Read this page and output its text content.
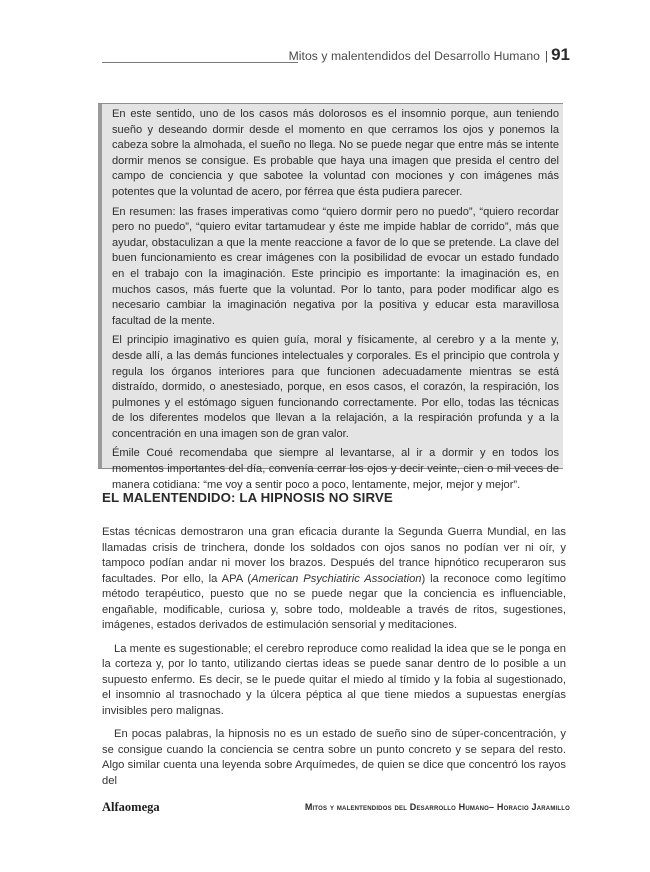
Mitos y malentendidos del Desarrollo Humano | 91

En este sentido, uno de los casos más dolorosos es el insomnio porque, aun teniendo sueño y deseando dormir desde el momento en que cerramos los ojos y ponemos la cabeza sobre la almohada, el sueño no llega. No se puede negar que entre más se intente dormir menos se consigue. Es probable que haya una imagen que presida el centro del campo de conciencia y que sabotee la voluntad con mociones y con imágenes más potentes que la voluntad de acero, por férrea que ésta pudiera parecer.

En resumen: las frases imperativas como “quiero dormir pero no puedo”, “quiero recordar pero no puedo”, “quiero evitar tartamudear y éste me impide hablar de corrido”, más que ayudar, obstaculizan a que la mente reaccione a favor de lo que se pretende. La clave del buen funcionamiento es crear imágenes con la posibilidad de evocar un estado fundado en el trabajo con la imaginación. Este principio es importante: la imaginación es, en muchos casos, más fuerte que la voluntad. Por lo tanto, para poder modificar algo es necesario cambiar la imaginación negativa por la positiva y educar esta maravillosa facultad de la mente.

El principio imaginativo es quien guía, moral y físicamente, al cerebro y a la mente y, desde allí, a las demás funciones intelectuales y corporales. Es el principio que controla y regula los órganos interiores para que funcionen adecuadamente mientras se está distraído, dormido, o anestesiado, porque, en esos casos, el corazón, la respiración, los pulmones y el estómago siguen funcionando correctamente. Por ello, todas las técnicas de los diferentes modelos que llevan a la relajación, a la respiración profunda y a la concentración en una imagen son de gran valor.

Émile Coué recomendaba que siempre al levantarse, al ir a dormir y en todos los momentos importantes del día, convenía cerrar los ojos y decir veinte, cien o mil veces de manera cotidiana: “me voy a sentir poco a poco, lentamente, mejor, mejor y mejor”.

EL MALENTENDIDO: LA HIPNOSIS NO SIRVE

Estas técnicas demostraron una gran eficacia durante la Segunda Guerra Mundial, en las llamadas crisis de trinchera, donde los soldados con ojos sanos no podían ver ni oír, y tampoco podían andar ni mover los brazos. Después del trance hipnótico recuperaron sus facultades. Por ello, la APA (American Psychiatiric Association) la reconoce como legítimo método terapéutico, puesto que no se puede negar que la conciencia es influenciable, engañable, modificable, curiosa y, sobre todo, moldeable a través de ritos, sugestiones, imágenes, estados derivados de estimulación sensorial y meditaciones.

La mente es sugestionable; el cerebro reproduce como realidad la idea que se le ponga en la corteza y, por lo tanto, utilizando ciertas ideas se puede sanar dentro de lo posible a un supuesto enfermo. Es decir, se le puede quitar el miedo al tímido y la fobia al sugestionado, el insomnio al trasnochado y la úlcera péptica al que tiene miedos a supuestas energías invisibles pero malignas.

En pocas palabras, la hipnosis no es un estado de sueño sino de súper-concentración, y se consigue cuando la conciencia se centra sobre un punto concreto y se separa del resto. Algo similar cuenta una leyenda sobre Arquímedes, de quien se dice que concentró los rayos del

Alfaomega	Mitos y malentendidos del Desarrollo Humano– Horacio Jaramillo
